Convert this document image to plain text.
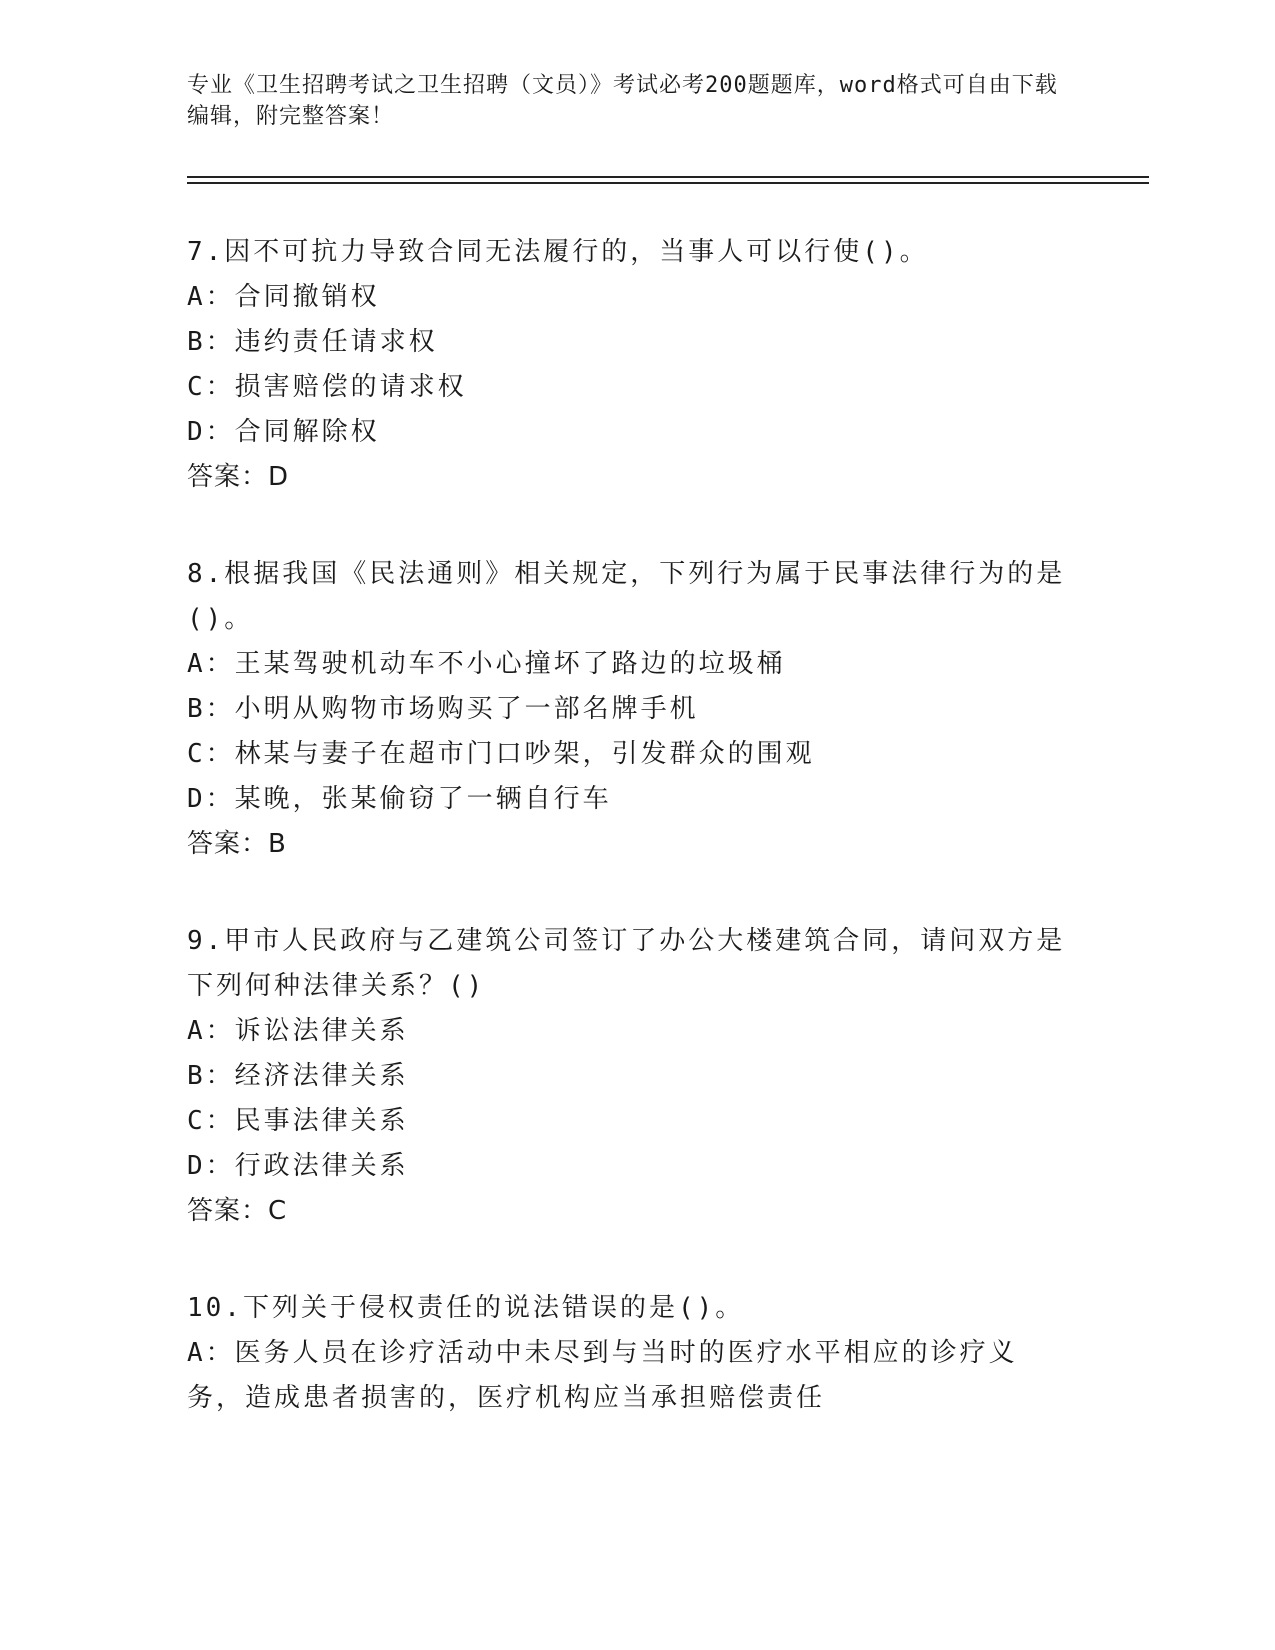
专业《卫生招聘考试之卫生招聘（文员）》考试必考200题题库，word格式可自由下载编辑，附完整答案！
7.因不可抗力导致合同无法履行的，当事人可以行使()。
A：合同撤销权
B：违约责任请求权
C：损害赔偿的请求权
D：合同解除权
答案：D
8.根据我国《民法通则》相关规定，下列行为属于民事法律行为的是()。
A：王某驾驶机动车不小心撞坏了路边的垃圾桶
B：小明从购物市场购买了一部名牌手机
C：林某与妻子在超市门口吵架，引发群众的围观
D：某晚，张某偷窃了一辆自行车
答案：B
9.甲市人民政府与乙建筑公司签订了办公大楼建筑合同，请问双方是下列何种法律关系？()
A：诉讼法律关系
B：经济法律关系
C：民事法律关系
D：行政法律关系
答案：C
10.下列关于侵权责任的说法错误的是()。
A：医务人员在诊疗活动中未尽到与当时的医疗水平相应的诊疗义务，造成患者损害的，医疗机构应当承担赔偿责任
